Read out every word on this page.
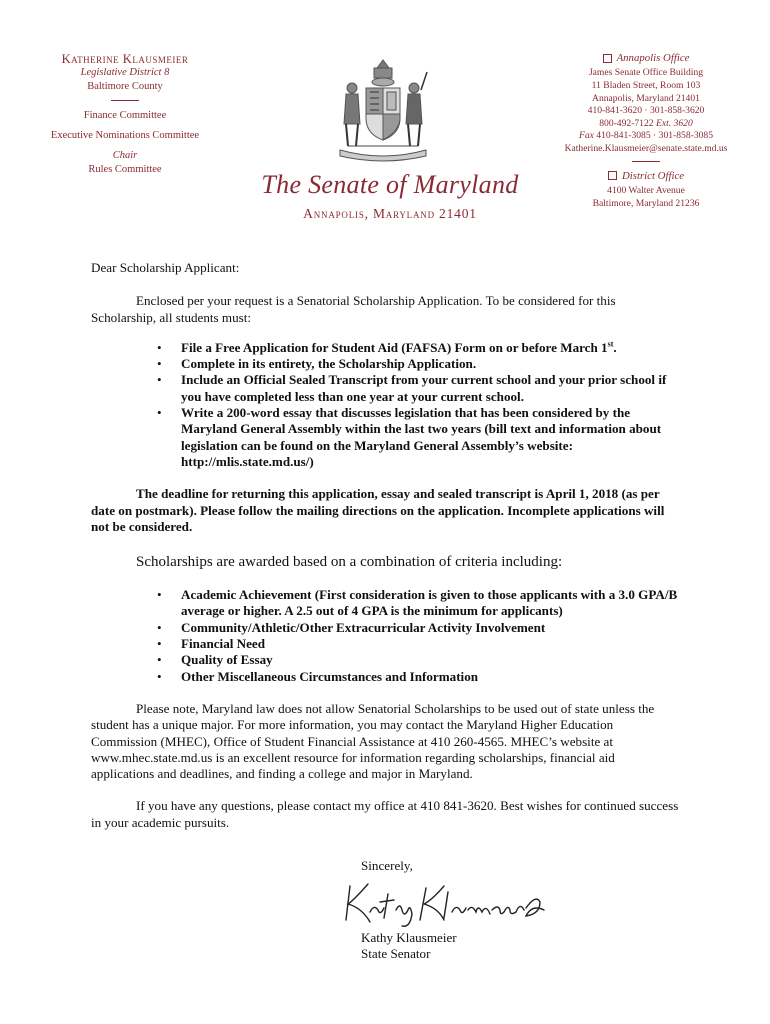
Katherine Klausmeier
Legislative District 8
Baltimore County
Finance Committee
Executive Nominations Committee
Chair
Rules Committee
The Senate of Maryland
Annapolis, Maryland 21401
Annapolis Office
James Senate Office Building
11 Bladen Street, Room 103
Annapolis, Maryland 21401
410-841-3620 · 301-858-3620
800-492-7122 Ext. 3620
Fax 410-841-3085 · 301-858-3085
Katherine.Klausmeier@senate.state.md.us
District Office
4100 Walter Avenue
Baltimore, Maryland 21236

Dear Scholarship Applicant:

Enclosed per your request is a Senatorial Scholarship Application. To be considered for this Scholarship, all students must:

• File a Free Application for Student Aid (FAFSA) Form on or before March 1st.
• Complete in its entirety, the Scholarship Application.
• Include an Official Sealed Transcript from your current school and your prior school if you have completed less than one year at your current school.
• Write a 200-word essay that discusses legislation that has been considered by the Maryland General Assembly within the last two years (bill text and information about legislation can be found on the Maryland General Assembly’s website: http://mlis.state.md.us/)

The deadline for returning this application, essay and sealed transcript is April 1, 2018 (as per date on postmark). Please follow the mailing directions on the application. Incomplete applications will not be considered.

Scholarships are awarded based on a combination of criteria including:

• Academic Achievement (First consideration is given to those applicants with a 3.0 GPA/B average or higher. A 2.5 out of 4 GPA is the minimum for applicants)
• Community/Athletic/Other Extracurricular Activity Involvement
• Financial Need
• Quality of Essay
• Other Miscellaneous Circumstances and Information

Please note, Maryland law does not allow Senatorial Scholarships to be used out of state unless the student has a unique major. For more information, you may contact the Maryland Higher Education Commission (MHEC), Office of Student Financial Assistance at 410 260-4565. MHEC’s website at www.mhec.state.md.us is an excellent resource for information regarding scholarships, financial aid applications and deadlines, and finding a college and major in Maryland.

If you have any questions, please contact my office at 410 841-3620. Best wishes for continued success in your academic pursuits.

Sincerely,
Kathy Klausmeier
State Senator
